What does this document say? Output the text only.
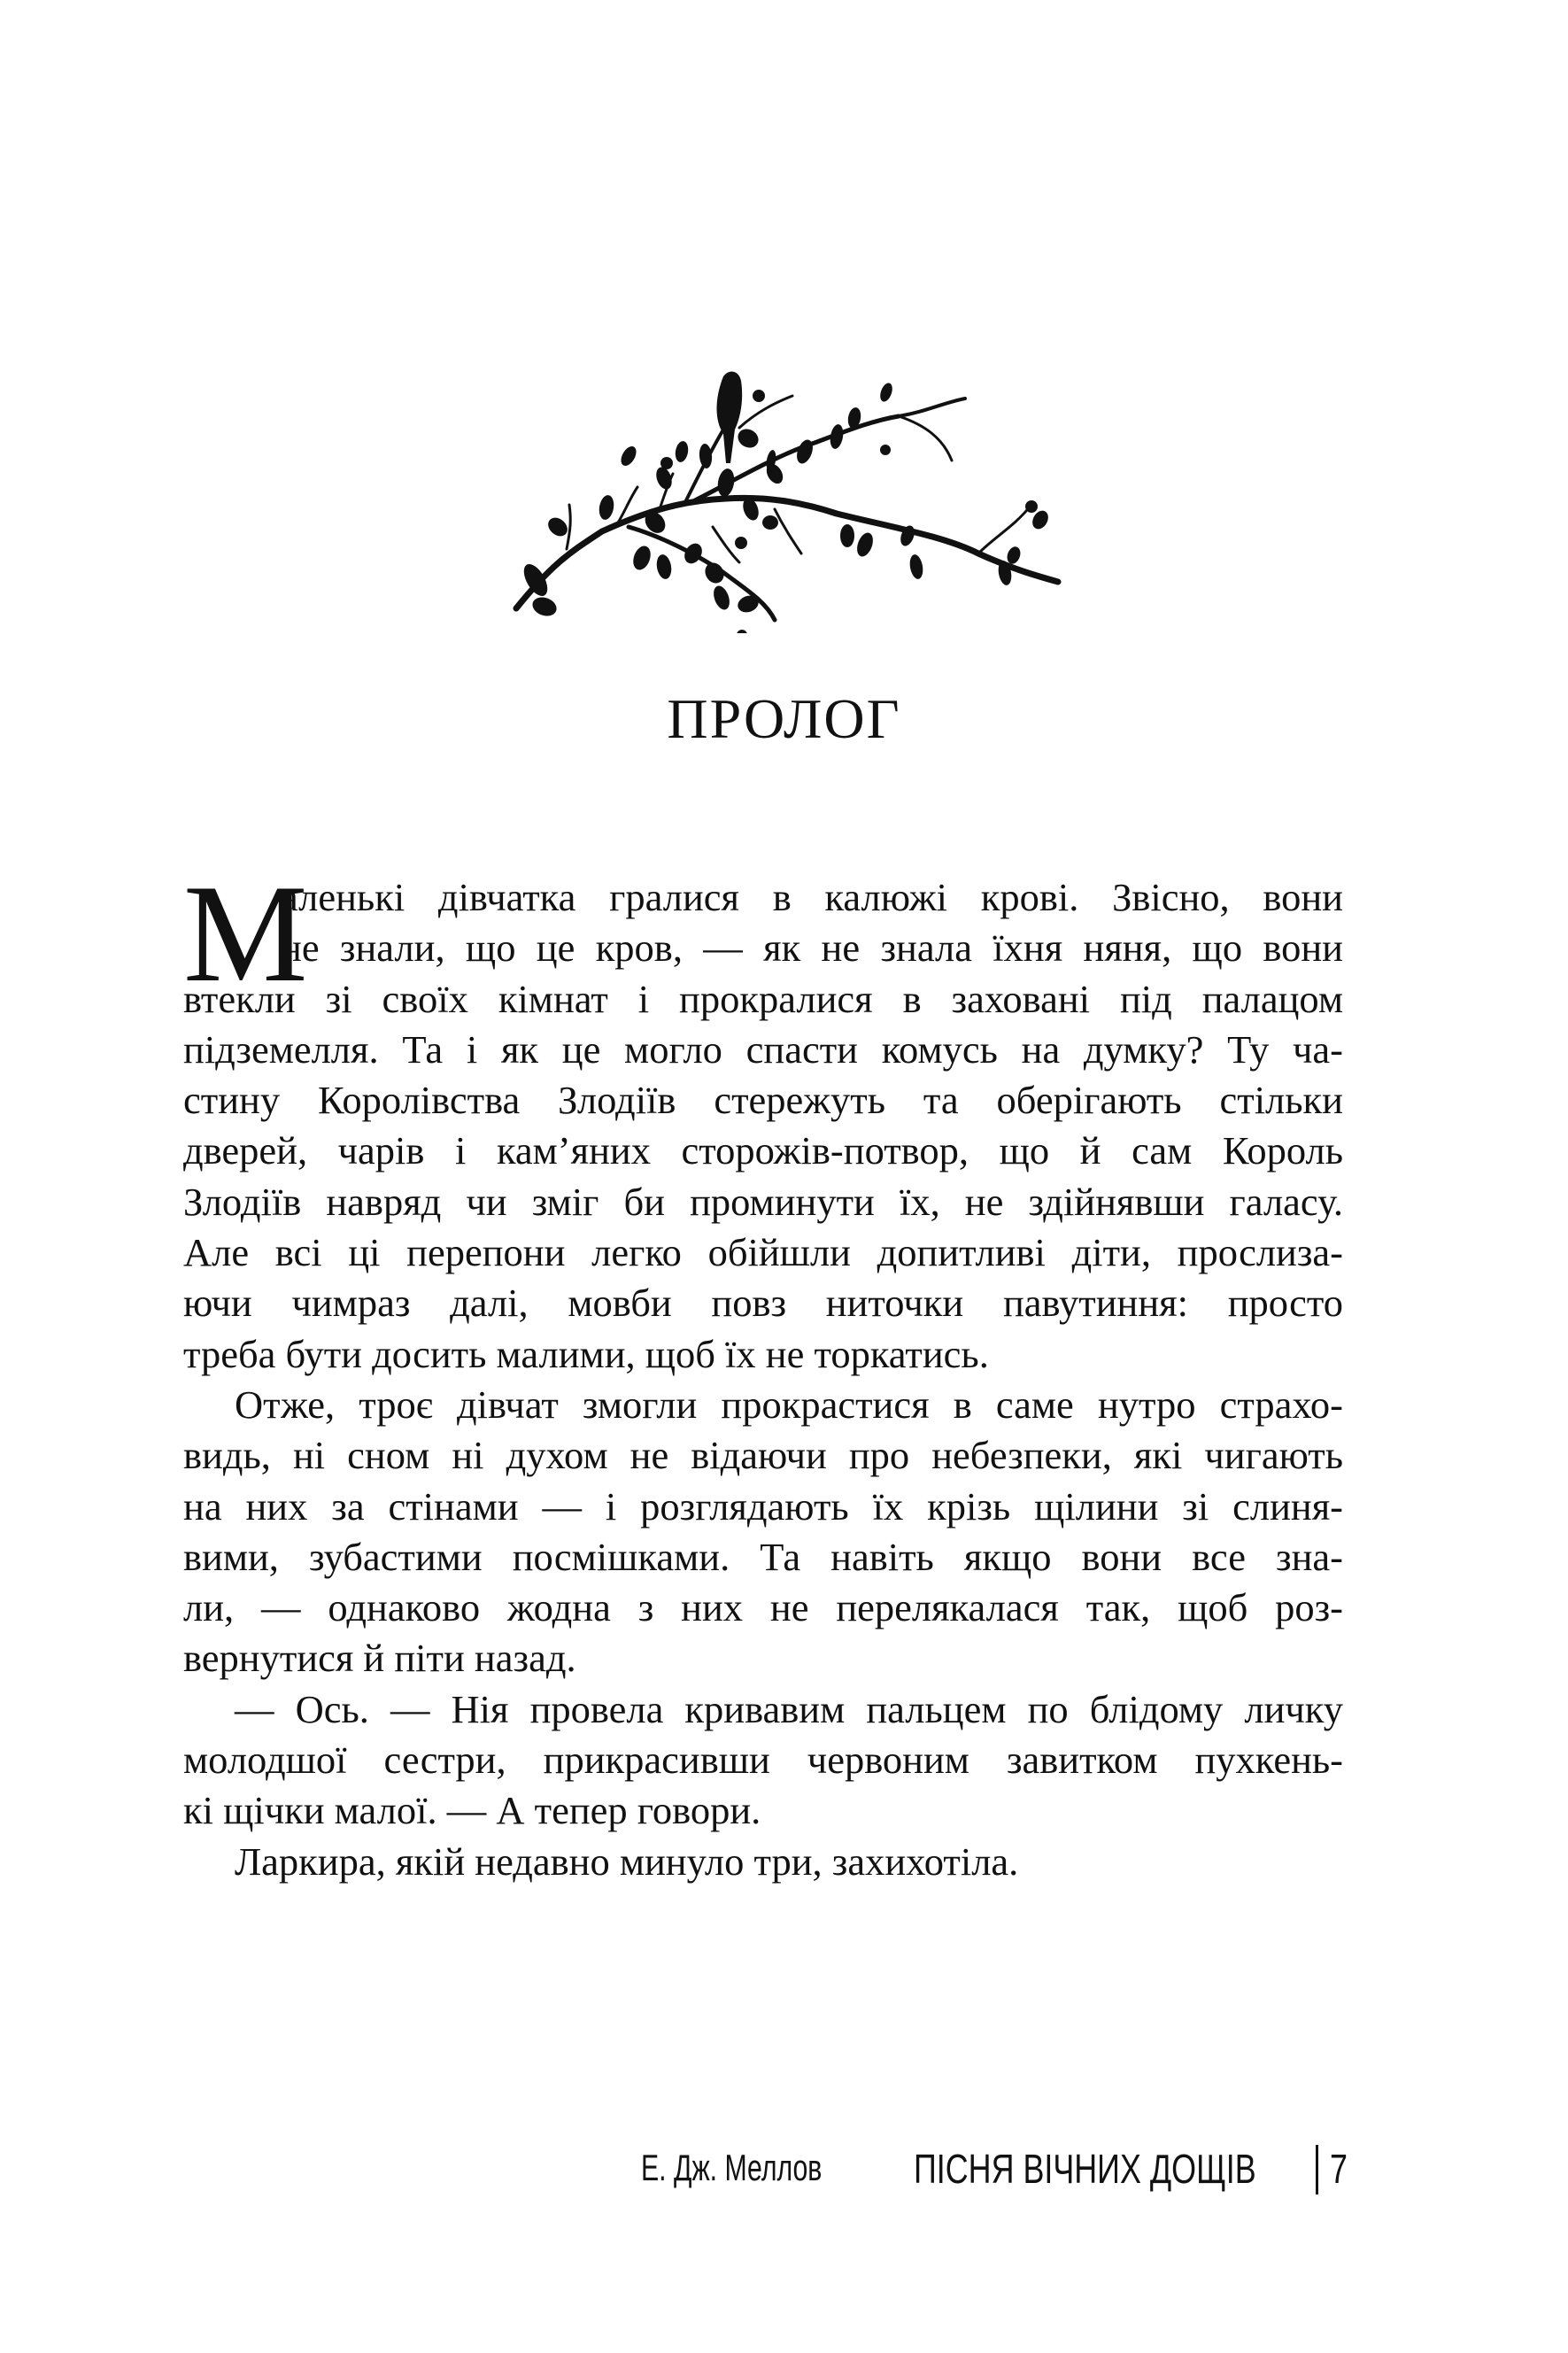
ПРОЛОГ
М
аленькі дівчатка гралися в калюжі крові. Звісно, вони
не знали, що це кров, — як не знала їхня няня, що вони
втекли зі своїх кімнат і прокралися в заховані під палацом
підземелля. Та і як це могло спасти комусь на думку? Ту ча-
стину Королівства Злодіїв стережуть та оберігають стільки
дверей, чарів і кам’яних сторожів-потвор, що й сам Король
Злодіїв навряд чи зміг би проминути їх, не здійнявши галасу.
Але всі ці перепони легко обійшли допитливі діти, прослиза-
ючи чимраз далі, мовби повз ниточки павутиння: просто
треба бути досить малими, щоб їх не торкатись.
Отже, троє дівчат змогли прокрастися в саме нутро страхо-
видь, ні сном ні духом не відаючи про небезпеки, які чигають
на них за стінами — і розглядають їх крізь щілини зі слиня-
вими, зубастими посмішками. Та навіть якщо вони все зна-
ли, — однаково жодна з них не перелякалася так, щоб роз-
вернутися й піти назад.
— Ось. — Нія провела кривавим пальцем по блідому личку
молодшої сестри, прикрасивши червоним завитком пухкень-
кі щічки малої. — А тепер говори.
Ларкира, якій недавно минуло три, захихотіла.
Е. Дж. Меллов ПІСНЯ ВІЧНИХ ДОЩІВ 7
